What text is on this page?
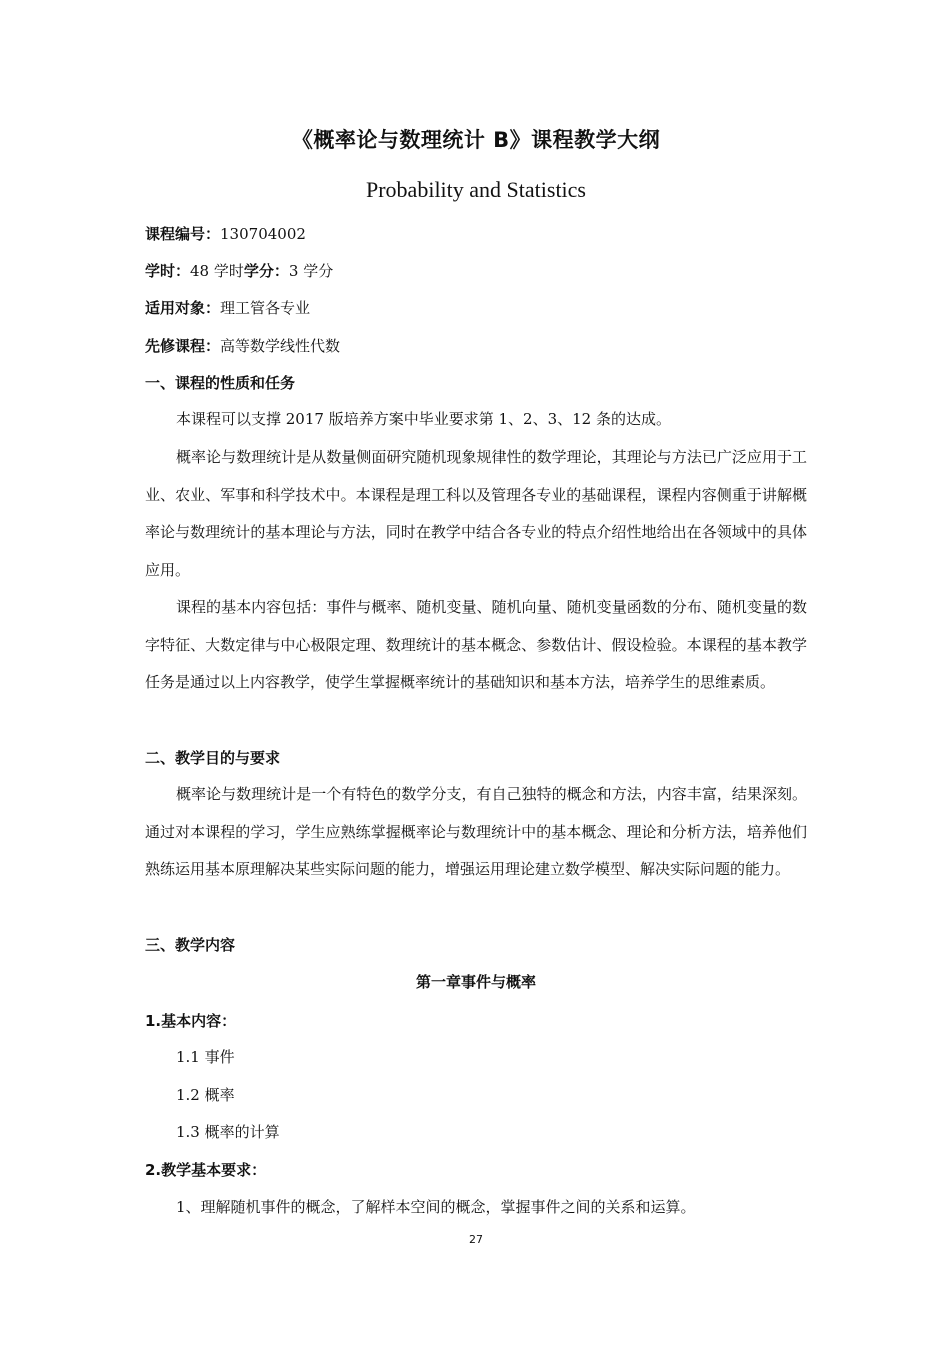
《概率论与数理统计 B》课程教学大纲
Probability and Statistics
课程编号：130704002
学时：48 学时学分：3 学分
适用对象：理工管各专业
先修课程：高等数学线性代数
一、课程的性质和任务
本课程可以支撑 2017 版培养方案中毕业要求第 1、2、3、12 条的达成。
概率论与数理统计是从数量侧面研究随机现象规律性的数学理论，其理论与方法已广泛应用于工业、农业、军事和科学技术中。本课程是理工科以及管理各专业的基础课程，课程内容侧重于讲解概率论与数理统计的基本理论与方法，同时在教学中结合各专业的特点介绍性地给出在各领域中的具体应用。
课程的基本内容包括：事件与概率、随机变量、随机向量、随机变量函数的分布、随机变量的数字特征、大数定律与中心极限定理、数理统计的基本概念、参数估计、假设检验。本课程的基本教学任务是通过以上内容教学，使学生掌握概率统计的基础知识和基本方法，培养学生的思维素质。
二、教学目的与要求
概率论与数理统计是一个有特色的数学分支，有自己独特的概念和方法，内容丰富，结果深刻。通过对本课程的学习，学生应熟练掌握概率论与数理统计中的基本概念、理论和分析方法，培养他们熟练运用基本原理解决某些实际问题的能力，增强运用理论建立数学模型、解决实际问题的能力。
三、教学内容
第一章事件与概率
1.基本内容：
1.1 事件
1.2 概率
1.3 概率的计算
2.教学基本要求：
1、理解随机事件的概念，了解样本空间的概念，掌握事件之间的关系和运算。
27
